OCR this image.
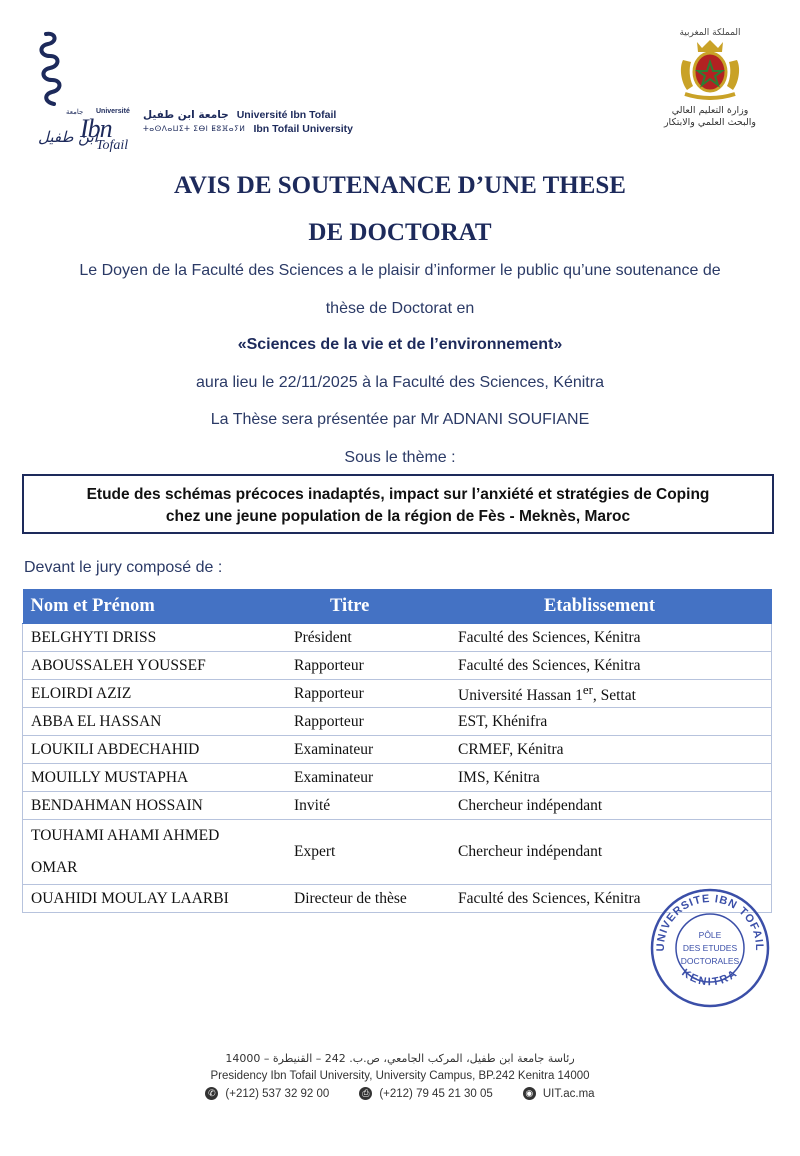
جامعة Université
ابن طفيل
Ibn
Tofail
جامعة ابن طفيل Université Ibn Tofail
ⵜⴰⵙⴷⴰⵡⵉⵜ ⵉⴱⵏ ⵟⵓⴼⴰⵢⵍ Ibn Tofail University
المملكة المغربية
وزارة التعليم العالي
والبحث العلمي والابتكار
AVIS DE SOUTENANCE D’UNE THESE
DE DOCTORAT
Le Doyen de la Faculté des Sciences a le plaisir d’informer le public qu’une soutenance de
thèse de Doctorat en
«Sciences de la vie et de l’environnement»
aura lieu le 22/11/2025 à la Faculté des Sciences, Kénitra
La Thèse sera présentée par Mr ADNANI SOUFIANE
Sous le thème :
Etude des schémas précoces inadaptés, impact sur l’anxiété et stratégies de Coping
chez une jeune population de la région de Fès - Meknès, Maroc
Devant le jury composé de :
Nom et Prénom	Titre	Etablissement
BELGHYTI DRISS	Président	Faculté des Sciences, Kénitra
ABOUSSALEH YOUSSEF	Rapporteur	Faculté des Sciences, Kénitra
ELOIRDI AZIZ	Rapporteur	Université Hassan 1er, Settat
ABBA EL HASSAN	Rapporteur	EST, Khénifra
LOUKILI ABDECHAHID	Examinateur	CRMEF, Kénitra
MOUILLY MUSTAPHA	Examinateur	IMS, Kénitra
BENDAHMAN HOSSAIN	Invité	Chercheur indépendant

TOUHAMI AHAMI AHMED
OMAR	Expert	Chercheur indépendant
OUAHIDI MOULAY LAARBI	Directeur de thèse	Faculté des Sciences, Kénitra
UNIVERSITE IBN TOFAIL
KENITRA
PÔLE
DES ETUDES
DOCTORALES
رئاسة جامعة ابن طفيل، المركب الجامعي، ص.ب. 242 – القنيطرة – 14000
Presidency Ibn Tofail University, University Campus, BP.242 Kenitra 14000
✆ (+212) 537 32 92 00	⎙ (+212) 79 45 21 30 05	◉ UIT.ac.ma
